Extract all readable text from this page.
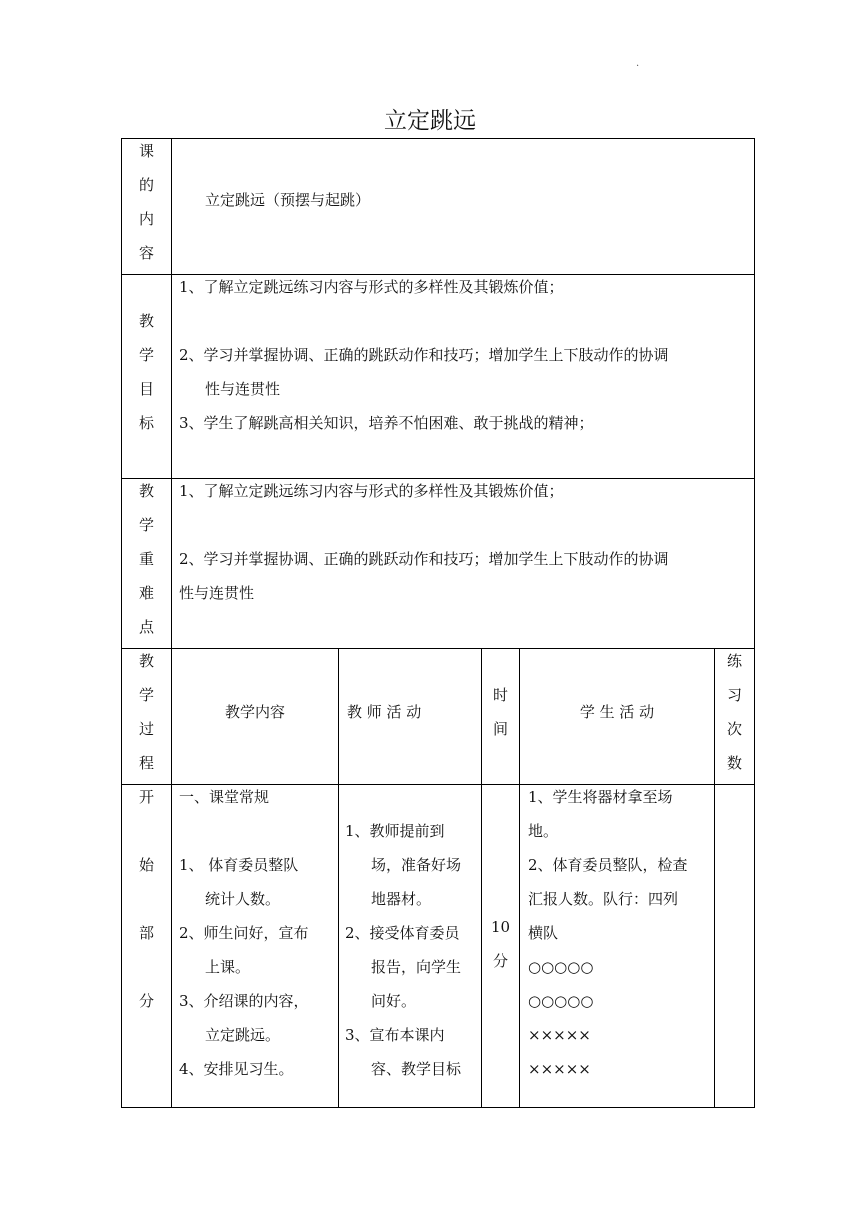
.
立定跳远
课
的
内
容
立定跳远（预摆与起跳）
教
学
目
标
1、了解立定跳远练习内容与形式的多样性及其锻炼价值；
2、学习并掌握协调、正确的跳跃动作和技巧；增加学生上下肢动作的协调
性与连贯性
3、学生了解跳高相关知识，培养不怕困难、敢于挑战的精神；
教
学
重
难
点
1、了解立定跳远练习内容与形式的多样性及其锻炼价值；
2、学习并掌握协调、正确的跳跃动作和技巧；增加学生上下肢动作的协调
性与连贯性
教
学
过
程
教学内容	教 师 活 动
时
间
学 生 活 动
练
习
次
数
开
始
部
分
一、课堂常规
1、 体育委员整队
统计人数。
2、师生问好，宣布
上课。
3、介绍课的内容，
立定跳远。
4、安排见习生。
1、教师提前到
场，准备好场
地器材。
2、接受体育委员
报告，向学生
问好。
3、宣布本课内
容、教学目标
10
分
1、学生将器材拿至场
地。
2、体育委员整队，检查
汇报人数。队行：四列
横队
○○○○○
○○○○○
×××××
×××××
